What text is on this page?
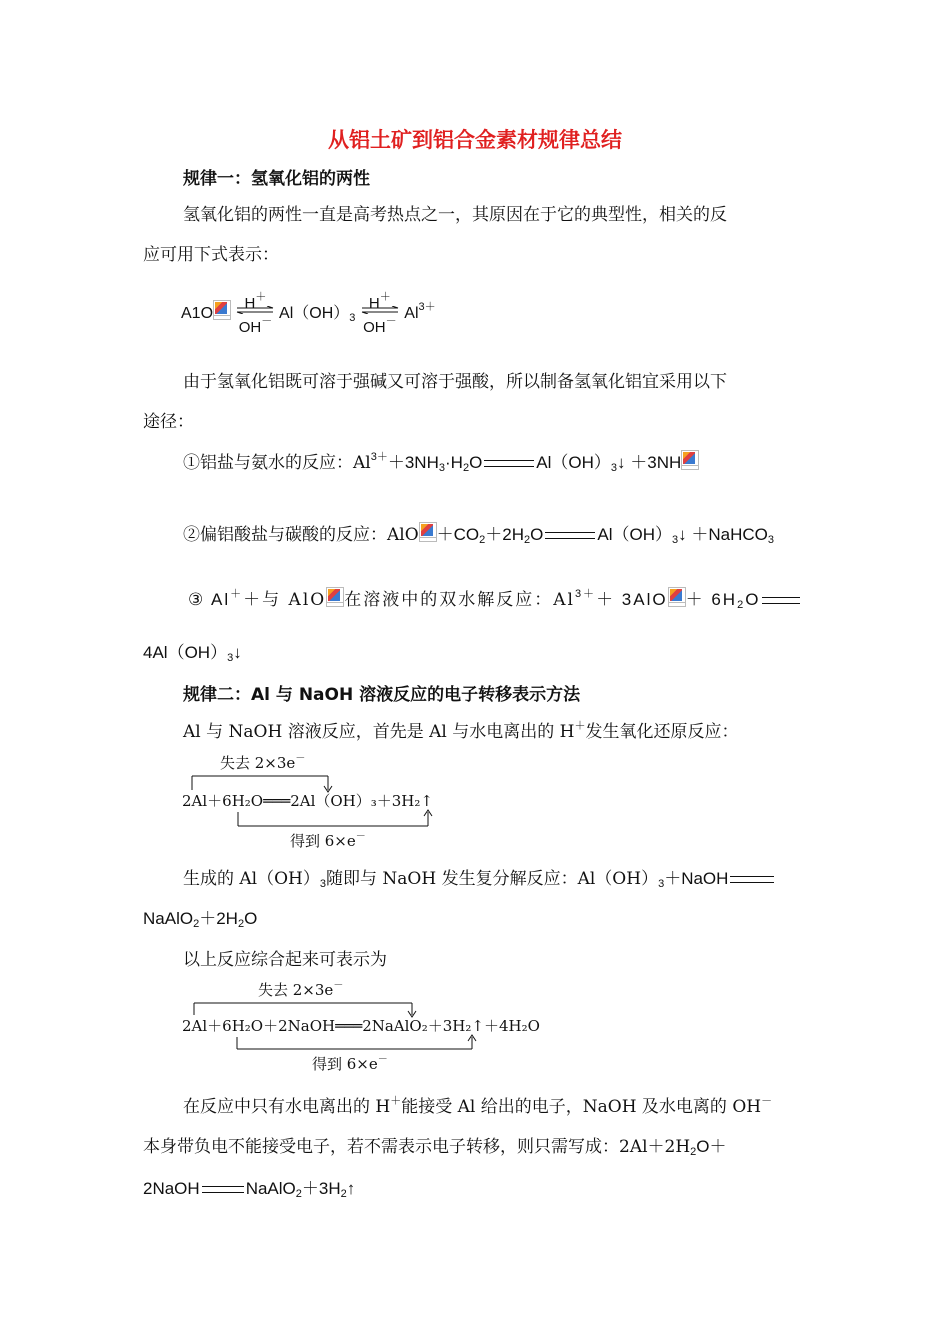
从铝土矿到铝合金素材规律总结
规律一：氢氧化铝的两性
氢氧化铝的两性一直是高考热点之一，其原因在于它的典型性，相关的反
应可用下式表示：
A1O
H＋
OH－ $Al(OH)_3$
H＋
OH－ $Al^{3+}$
由于氢氧化铝既可溶于强碱又可溶于强酸，所以制备氢氧化铝宜采用以下
途径：
①铝盐与氨水的反应：$Al^{3+}+3NH_3\cdot H_2O$	$Al(OH)_3↓ +3NH$
②偏铝酸盐与碳酸的反应：AlO $+CO_2+2H_2O$	$Al(OH)_3↓$ ＋NaHCO$_3$
③ Al＋＋与 AlO 在溶液中的双水解反应：$Al^{3+}+ 3AlO + 6H_2O$
$4Al(OH)_3↓$
规律二：Al 与 NaOH 溶液反应的电子转移表示方法
Al 与 NaOH 溶液反应，首先是 Al 与水电离出的 H＋发生氧化还原反应：
失去 2×3e－
2Al＋6H₂O═══2Al（OH）₃＋3H₂↑
得到 6×e－
生成的 $Al(OH)_3$随即与 NaOH 发生复分解反应：$Al(OH)_3+NaOH$
$NaAlO_2+2H_2O$
以上反应综合起来可表示为
失去 2×3e－
2Al＋6H₂O＋2NaOH═══2NaAlO₂＋3H₂↑＋4H₂O
得到 6×e－
在反应中只有水电离出的 H＋能接受 Al 给出的电子，NaOH 及水电离的 OH－
本身带负电不能接受电子，若不需表示电子转移，则只需写成：$2Al+2H_2O+$
2NaOH	$NaAlO_2+3H_2↑$
